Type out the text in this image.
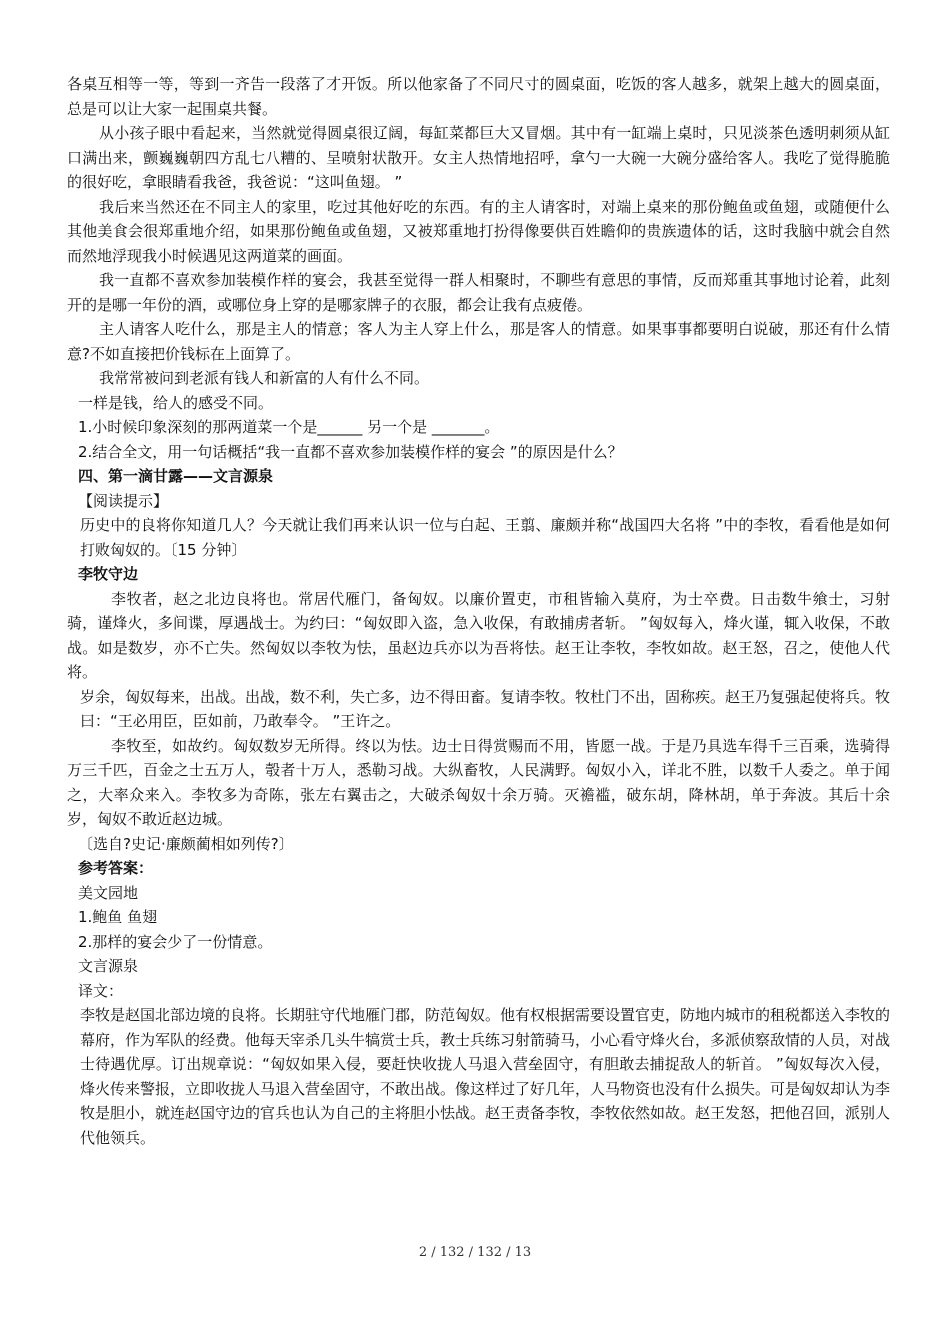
各桌互相等一等，等到一齐告一段落了才开饭。所以他家备了不同尺寸的圆桌面，吃饭的客人越多，就架上越大的圆桌面，总是可以让大家一起围桌共餐。

从小孩子眼中看起来，当然就觉得圆桌很辽阔，每缸菜都巨大又冒烟。其中有一缸端上桌时，只见淡茶色透明刺须从缸口满出来，颤巍巍朝四方乱七八糟的、呈喷射状散开。女主人热情地招呼，拿勺一大碗一大碗分盛给客人。我吃了觉得脆脆的很好吃，拿眼睛看我爸，我爸说：“这叫鱼翅。 ”

我后来当然还在不同主人的家里，吃过其他好吃的东西。有的主人请客时，对端上桌来的那份鲍鱼或鱼翅，或随便什么其他美食会很郑重地介绍，如果那份鲍鱼或鱼翅，又被郑重地打扮得像要供百姓瞻仰的贵族遗体的话，这时我脑中就会自然而然地浮现我小时候遇见这两道菜的画面。

我一直都不喜欢参加装模作样的宴会，我甚至觉得一群人相聚时，不聊些有意思的事情，反而郑重其事地讨论着，此刻开的是哪一年份的酒，或哪位身上穿的是哪家牌子的衣服，都会让我有点疲倦。

主人请客人吃什么，那是主人的情意；客人为主人穿上什么，那是客人的情意。如果事事都要明白说破，那还有什么情意?不如直接把价钱标在上面算了。

我常常被问到老派有钱人和新富的人有什么不同。

一样是钱，给人的感受不同。

1.小时候印象深刻的那两道菜一个是______ 另一个是 _______。

2.结合全文，用一句话概括“我一直都不喜欢参加装模作样的宴会 ”的原因是什么？

四、第一滴甘露——文言源泉

【阅读提示】

历史中的良将你知道几人？今天就让我们再来认识一位与白起、王翦、廉颇并称“战国四大名将 ”中的李牧，看看他是如何打败匈奴的。〔15 分钟〕

李牧守边

李牧者，赵之北边良将也。常居代雁门，备匈奴。以廉价置吏，市租皆输入莫府，为士卒费。日击数牛飨士，习射骑，谨烽火，多间谍，厚遇战士。为约曰：“匈奴即入盗，急入收保，有敢捕虏者斩。 ”匈奴每入，烽火谨，辄入收保，不敢战。如是数岁，亦不亡失。然匈奴以李牧为怯，虽赵边兵亦以为吾将怯。赵王让李牧，李牧如故。赵王怒，召之，使他人代将。

岁余，匈奴每来，出战。出战，数不利，失亡多，边不得田畜。复请李牧。牧杜门不出，固称疾。赵王乃复强起使将兵。牧曰：“王必用臣，臣如前，乃敢奉令。 ”王许之。

李牧至，如故约。匈奴数岁无所得。终以为怯。边士日得赏赐而不用，皆愿一战。于是乃具选车得千三百乘，选骑得万三千匹，百金之士五万人，彀者十万人，悉勒习战。大纵畜牧，人民满野。匈奴小入，详北不胜，以数千人委之。单于闻之，大率众来入。李牧多为奇陈，张左右翼击之，大破杀匈奴十余万骑。灭襜褴，破东胡，降林胡，单于奔波。其后十余岁，匈奴不敢近赵边城。

〔选自?史记·廉颇蔺相如列传?〕

参考答案：

美文园地

1.鲍鱼 鱼翅

2.那样的宴会少了一份情意。

文言源泉

译文：

李牧是赵国北部边境的良将。长期驻守代地雁门郡，防范匈奴。他有权根据需要设置官吏，防地内城市的租税都送入李牧的幕府，作为军队的经费。他每天宰杀几头牛犒赏士兵，教士兵练习射箭骑马，小心看守烽火台，多派侦察敌情的人员，对战士待遇优厚。订出规章说：“匈奴如果入侵，要赶快收拢人马退入营垒固守，有胆敢去捕捉敌人的斩首。 ”匈奴每次入侵，烽火传来警报，立即收拢人马退入营垒固守，不敢出战。像这样过了好几年，人马物资也没有什么损失。可是匈奴却认为李牧是胆小，就连赵国守边的官兵也认为自己的主将胆小怯战。赵王责备李牧，李牧依然如故。赵王发怒，把他召回，派别人代他领兵。

2 / 132 / 132 / 13
